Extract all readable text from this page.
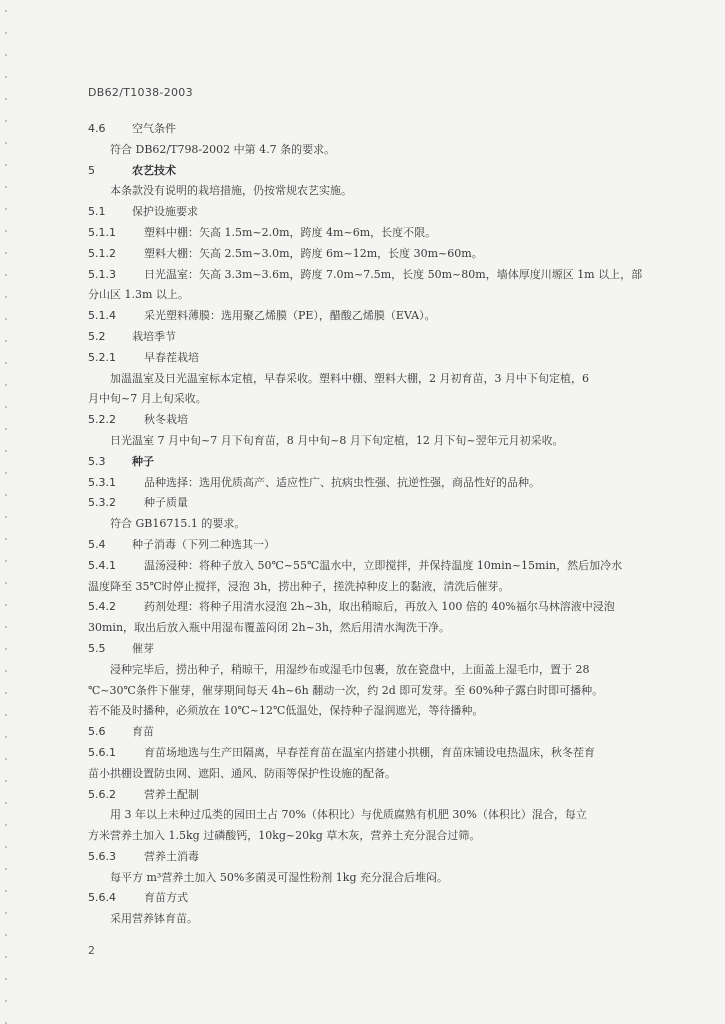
DB62/T1038-2003
4.6 空气条件
符合 DB62/T798-2002 中第 4.7 条的要求。
5	农艺技术
本条款没有说明的栽培措施，仍按常规农艺实施。
5.1 保护设施要求
5.1.1	塑料中棚：矢高 1.5m~2.0m，跨度 4m~6m，长度不限。
5.1.2	塑料大棚：矢高 2.5m~3.0m，跨度 6m~12m，长度 30m~60m。
5.1.3	日光温室：矢高 3.3m~3.6m，跨度 7.0m~7.5m，长度 50m~80m，墙体厚度川塬区 1m 以上，部
分山区 1.3m 以上。
5.1.4	采光塑料薄膜：选用聚乙烯膜（PE），醋酸乙烯膜（EVA）。
5.2 栽培季节
5.2.1	早春茬栽培
加温温室及日光温室标本定植，早春采收。塑料中棚、塑料大棚，2 月初育苗，3 月中下旬定植，6
月中旬~7 月上旬采收。
5.2.2	秋冬栽培
日光温室 7 月中旬~7 月下旬育苗，8 月中旬~8 月下旬定植，12 月下旬~翌年元月初采收。
5.3 种子
5.3.1	品种选择：选用优质高产、适应性广、抗病虫性强、抗逆性强，商品性好的品种。
5.3.2	种子质量
符合 GB16715.1 的要求。
5.4 种子消毒（下列二种选其一）
5.4.1	温汤浸种：将种子放入 50℃~55℃温水中，立即搅拌，并保持温度 10min~15min，然后加冷水
温度降至 35℃时停止搅拌，浸泡 3h，捞出种子，搓洗掉种皮上的黏液，清洗后催芽。
5.4.2	药剂处理：将种子用清水浸泡 2h~3h，取出稍晾后，再放入 100 倍的 40%福尔马林溶液中浸泡
30min，取出后放入瓶中用湿布覆盖闷闭 2h~3h，然后用清水淘洗干净。
5.5 催芽
浸种完毕后，捞出种子，稍晾干，用湿纱布或湿毛巾包裹，放在瓷盘中，上面盖上湿毛巾，置于 28
℃~30℃条件下催芽，催芽期间每天 4h~6h 翻动一次，约 2d 即可发芽。至 60%种子露白时即可播种。
若不能及时播种，必须放在 10℃~12℃低温处，保持种子湿润遮光，等待播种。
5.6 育苗
5.6.1	育苗场地选与生产田隔离，早春茬育苗在温室内搭建小拱棚，育苗床铺设电热温床，秋冬茬育
苗小拱棚设置防虫网、遮阳、通风、防雨等保护性设施的配备。
5.6.2	营养土配制
用 3 年以上未种过瓜类的园田土占 70%（体积比）与优质腐熟有机肥 30%（体积比）混合，每立
方米营养土加入 1.5kg 过磷酸钙，10kg~20kg 草木灰，营养土充分混合过筛。
5.6.3	营养土消毒
每平方 m³营养土加入 50%多菌灵可湿性粉剂 1kg 充分混合后堆闷。
5.6.4	育苗方式
采用营养钵育苗。
2
